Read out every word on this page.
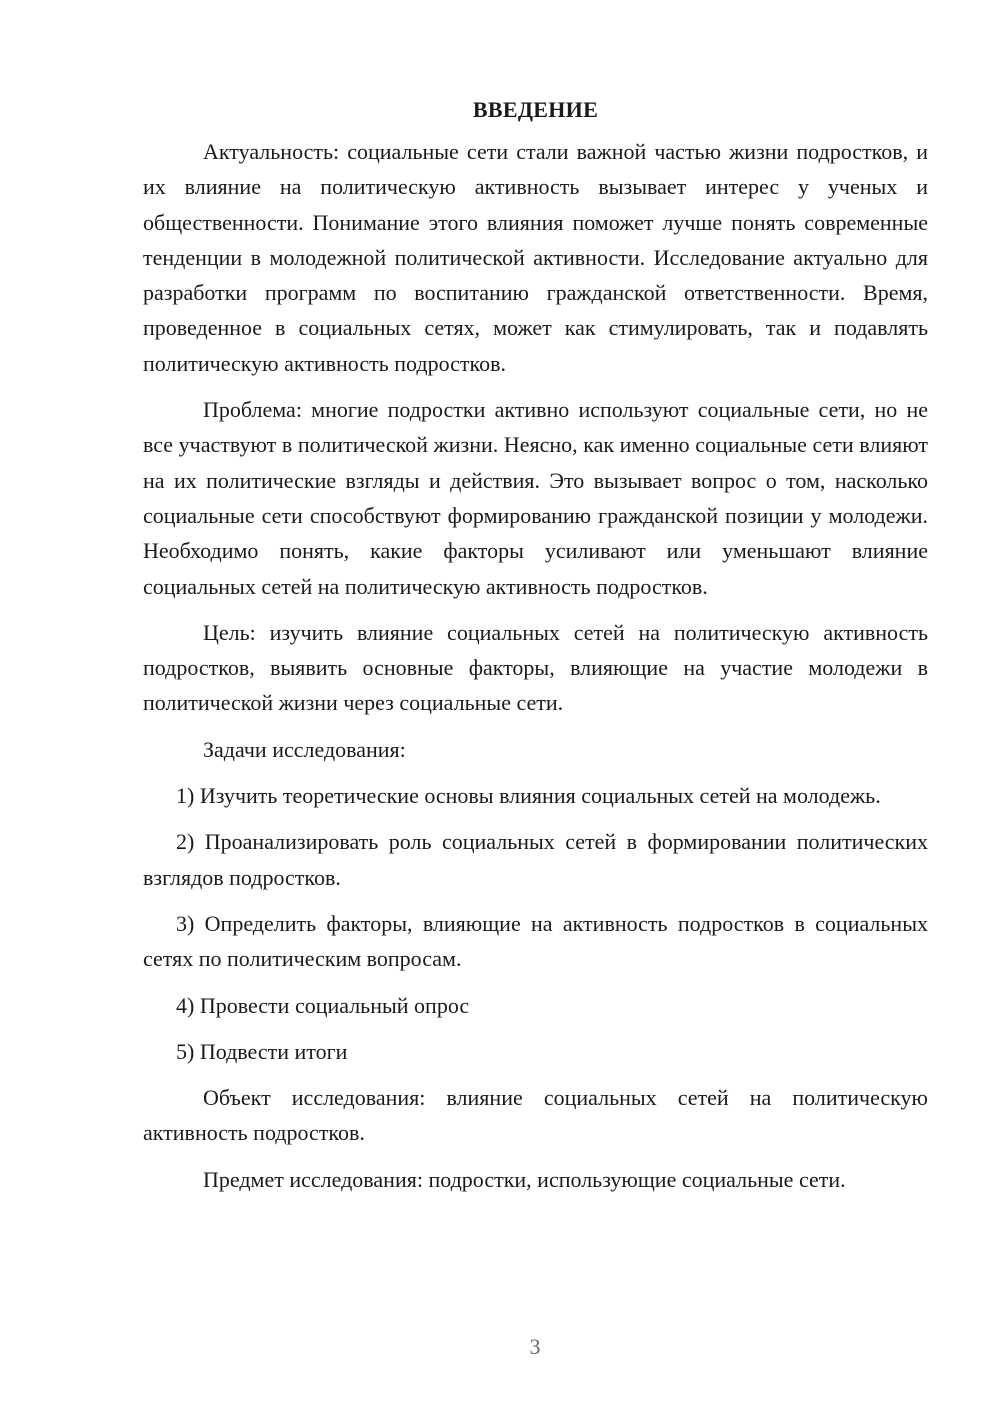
ВВЕДЕНИЕ

Актуальность: социальные сети стали важной частью жизни подростков, и их влияние на политическую активность вызывает интерес у ученых и общественности. Понимание этого влияния поможет лучше понять современные тенденции в молодежной политической активности. Исследование актуально для разработки программ по воспитанию гражданской ответственности. Время, проведенное в социальных сетях, может как стимулировать, так и подавлять политическую активность подростков.

Проблема: многие подростки активно используют социальные сети, но не все участвуют в политической жизни. Неясно, как именно социальные сети влияют на их политические взгляды и действия. Это вызывает вопрос о том, насколько социальные сети способствуют формированию гражданской позиции у молодежи. Необходимо понять, какие факторы усиливают или уменьшают влияние социальных сетей на политическую активность подростков.

Цель: изучить влияние социальных сетей на политическую активность подростков, выявить основные факторы, влияющие на участие молодежи в политической жизни через социальные сети.

Задачи исследования:

1) Изучить теоретические основы влияния социальных сетей на молодежь.

2) Проанализировать роль социальных сетей в формировании политических взглядов подростков.

3) Определить факторы, влияющие на активность подростков в социальных сетях по политическим вопросам.

4) Провести социальный опрос

5) Подвести итоги

Объект исследования: влияние социальных сетей на политическую активность подростков.

Предмет исследования: подростки, использующие социальные сети.

3
